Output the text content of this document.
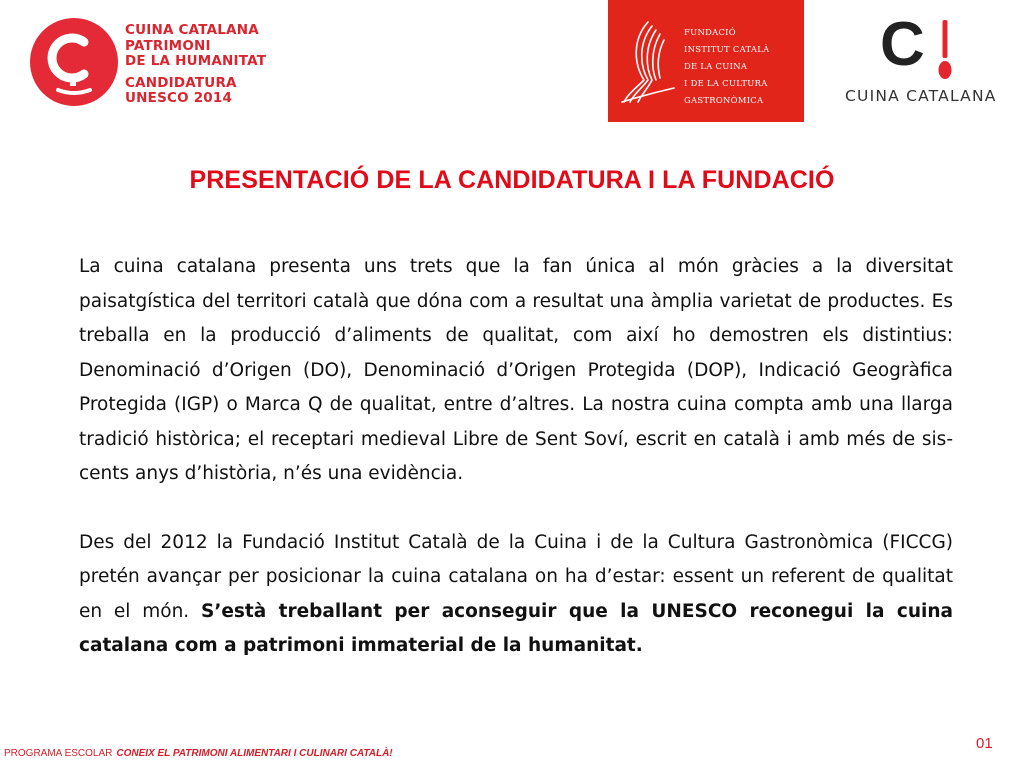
CUINA CATALANA
PATRIMONI
DE LA HUMANITAT
CANDIDATURA
UNESCO 2014
FUNDACIÓ
INSTITUT CATALÀ
DE LA CUINA
I DE LA CULTURA
GASTRONÒMICA
C
CUINA CATALANA
PRESENTACIÓ DE LA CANDIDATURA I LA FUNDACIÓ

La cuina catalana presenta uns trets que la fan única al món gràcies a la diversitat paisatgística del territori català que dóna com a resultat una àmplia varietat de productes. Es treballa en la producció d’aliments de qualitat, com així ho demostren els distintius: Denominació d’Origen (DO), Denominació d’Origen Protegida (DOP), Indicació Geogràfica Protegida (IGP) o Marca Q de qualitat, entre d’altres. La nostra cuina compta amb una llarga tradició històrica; el receptari medieval Libre de Sent Soví, escrit en català i amb més de sis-cents anys d’història, n’és una evidència.

Des del 2012 la Fundació Institut Català de la Cuina i de la Cultura Gastronòmica (FICCG) pretén avançar per posicionar la cuina catalana on ha d’estar: essent un referent de qualitat en el món. S’està treballant per aconseguir que la UNESCO reconegui la cuina catalana com a patrimoni immaterial de la humanitat.

PROGRAMA ESCOLAR CONEIX EL PATRIMONI ALIMENTARI I CULINARI CATALÀ!
01
